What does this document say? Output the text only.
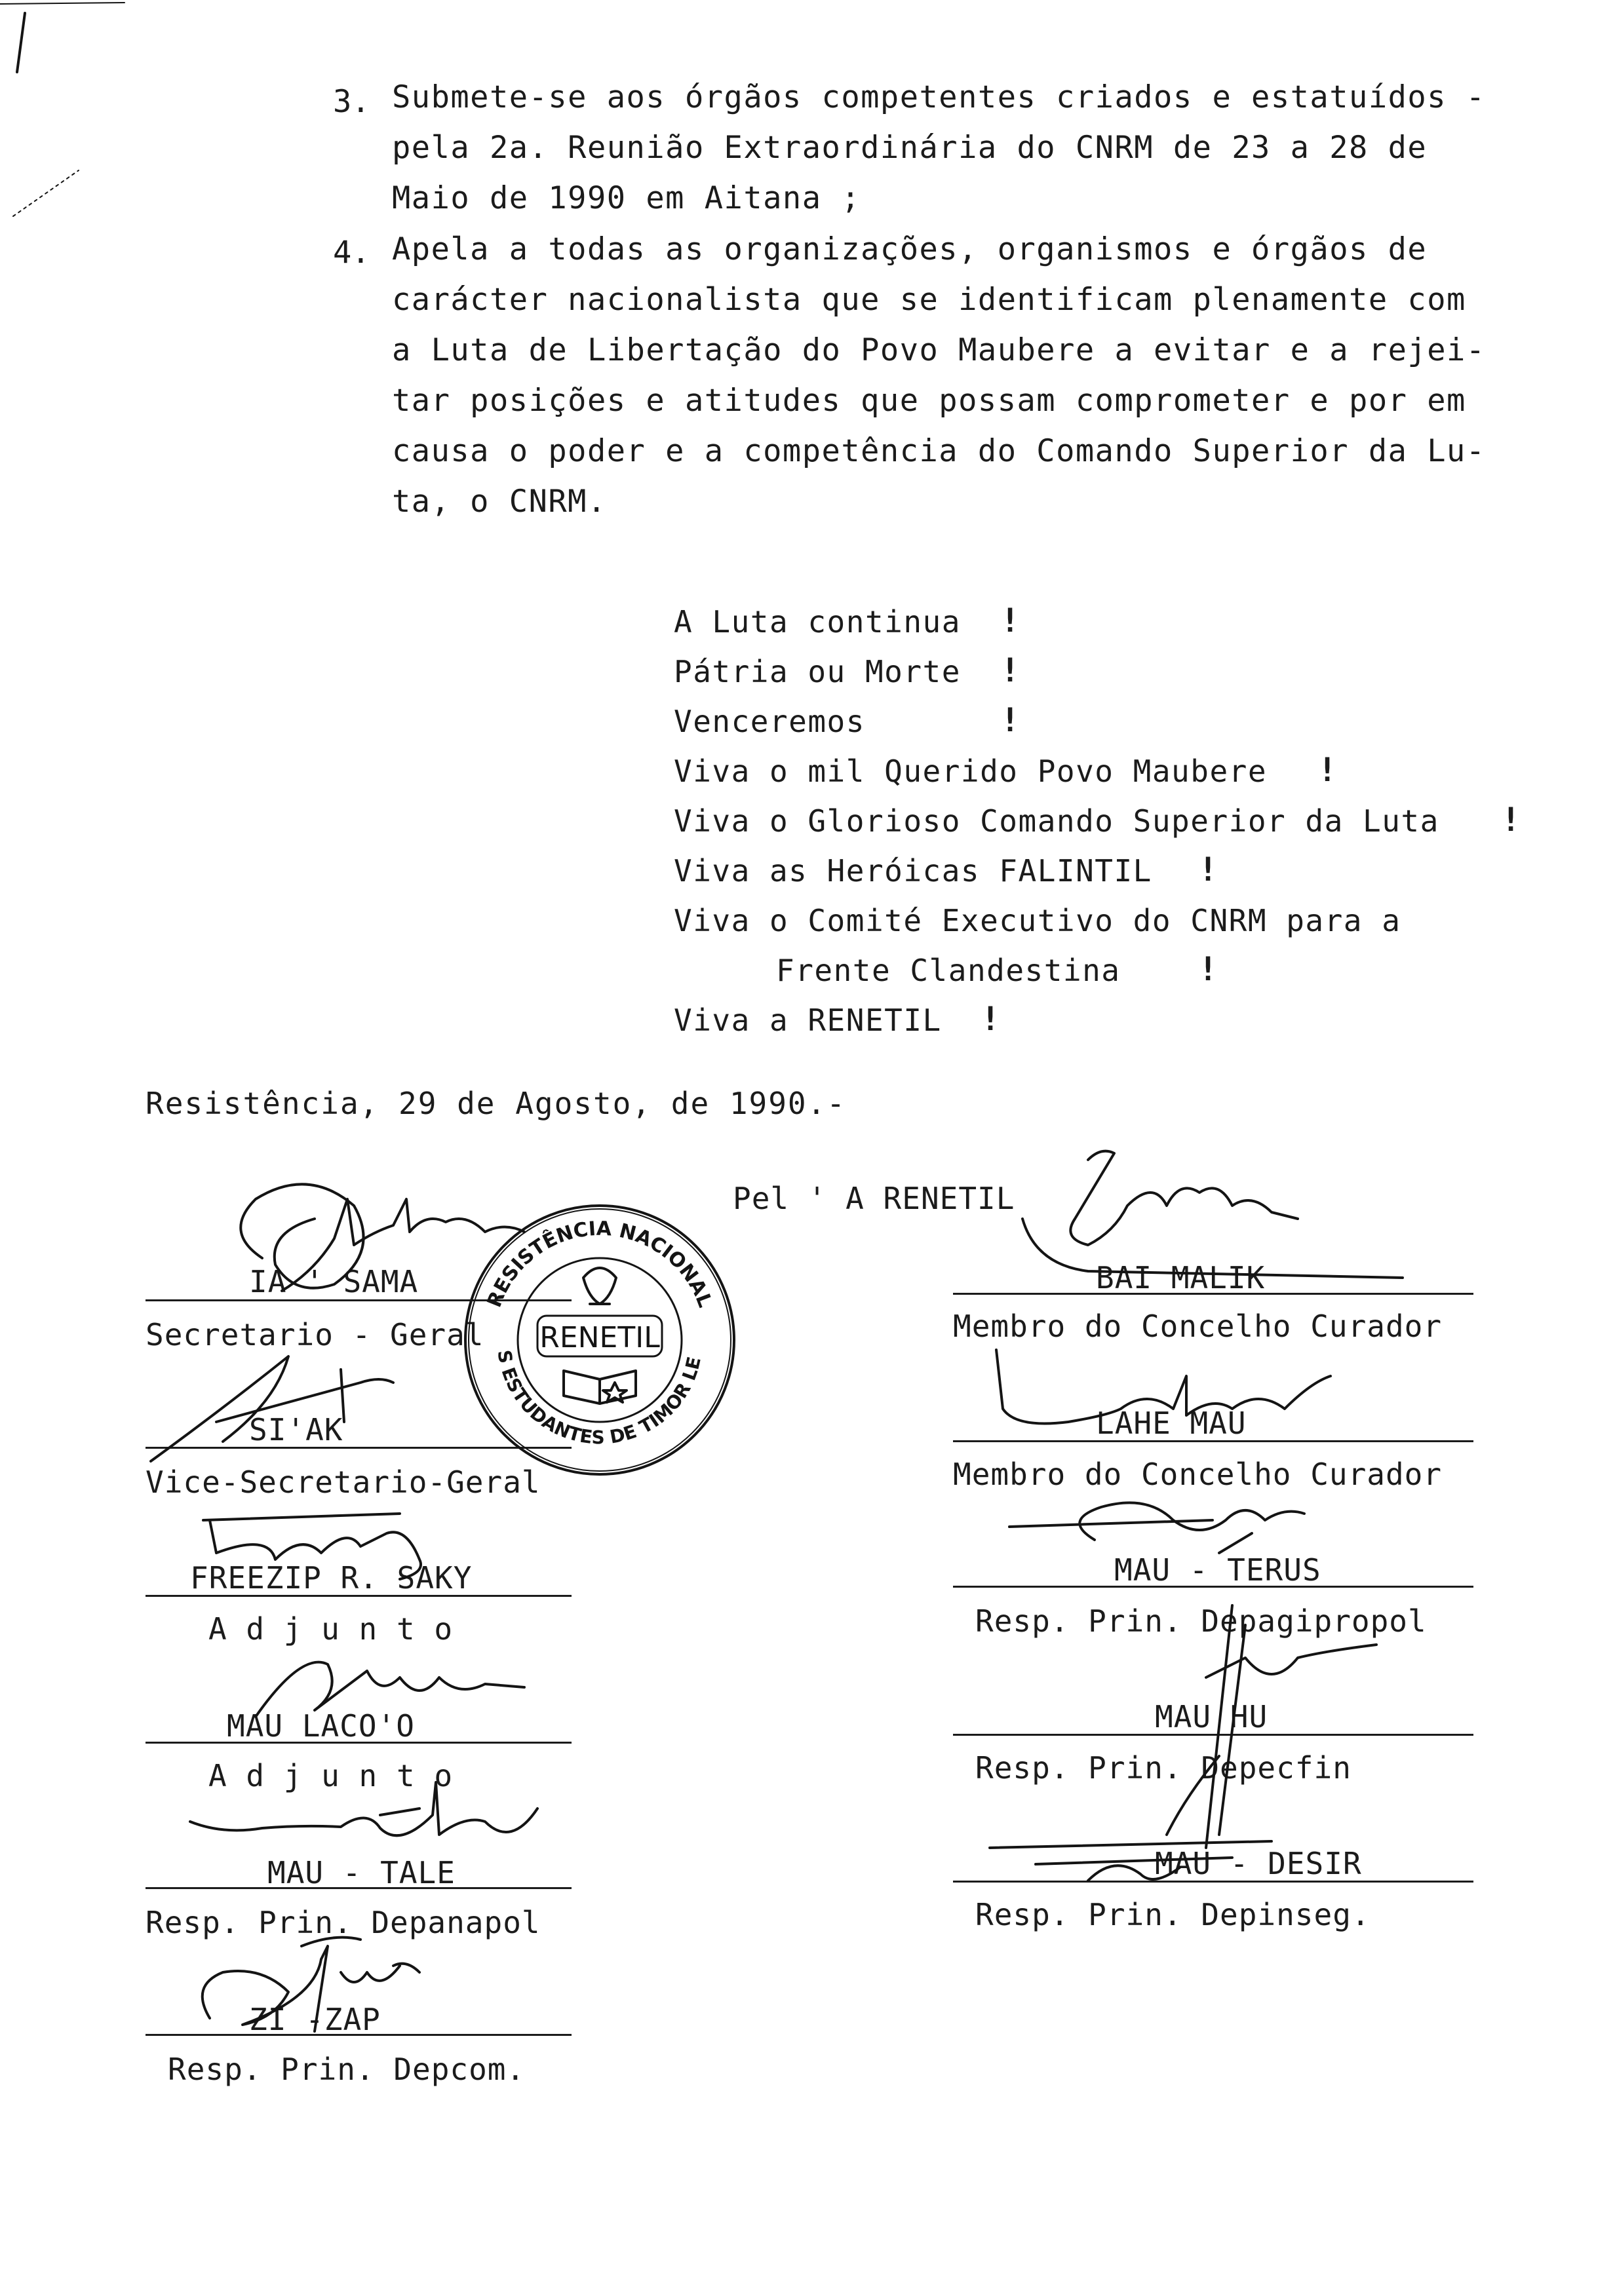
3. Submete-se aos órgãos competentes criados e estatuídos -
pela 2a. Reunião Extraordinária do CNRM de 23 a 28 de
Maio de 1990 em Aitana ;
4. Apela a todas as organizações, organismos e órgãos de
carácter nacionalista que se identificam plenamente com
a Luta de Libertação do Povo Maubere a evitar e a rejei-
tar posições e atitudes que possam comprometer e por em
causa o poder e a competência do Comando Superior da Lu-
ta, o CNRM.
A Luta continua !
Pátria ou Morte !
Venceremos	!
Viva o mil Querido Povo Maubere !
Viva o Glorioso Comando Superior da Luta !
Viva as Heróicas FALINTIL !
Viva o Comité Executivo do CNRM para a
Frente Clandestina !
Viva a RENETIL !
Resistência, 29 de Agosto, de 1990.-
Pel ' A RENETIL
IA ' SAMA
Secretario - Geral
SI'AK
Vice-Secretario-Geral
FREEZIP R. SAKY
A d j u n t o
MAU LACO'O
A d j u n t o
MAU - TALE
Resp. Prin. Depanapol
ZI -ZAP
Resp. Prin. Depcom.
BAI MALIK
Membro do Concelho Curador
LAHE MAU
Membro do Concelho Curador
MAU - TERUS
Resp. Prin. Depagipropol
MAU HU
Resp. Prin. Depecfin
MAU - DESIR
Resp. Prin. Depinseg.
RESISTÊNCIA NACIONAL
DOS ESTUDANTES DE TIMOR LESTE
RENETIL
